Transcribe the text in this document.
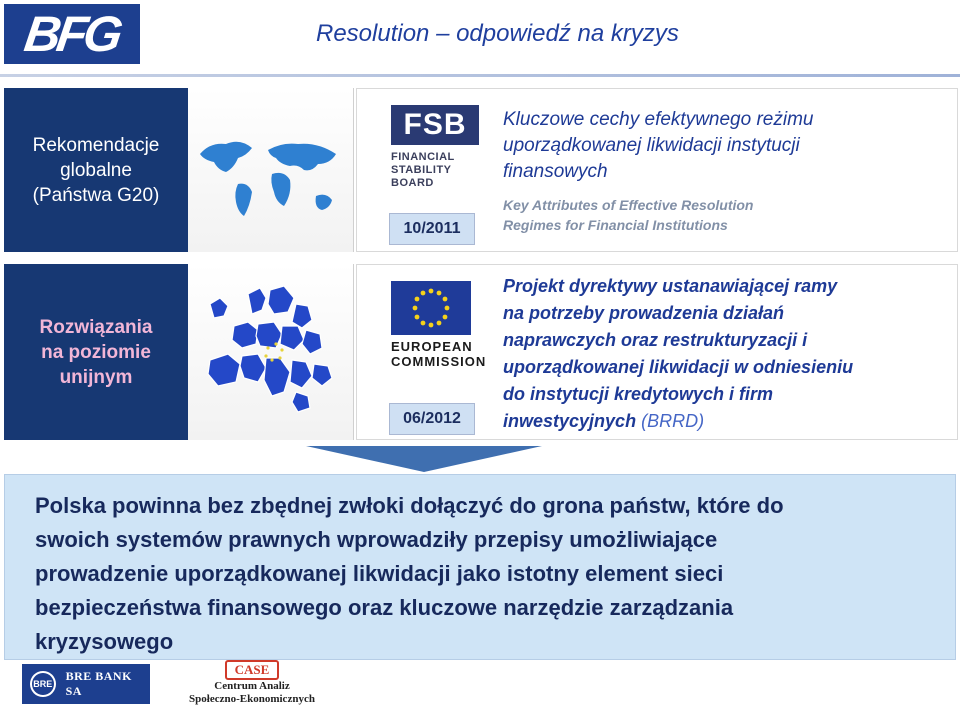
BFG	Resolution – odpowiedź na kryzys
Rekomendacje
globalne
(Państwa G20)
FSB
FINANCIAL
STABILITY
BOARD
10/2011
Kluczowe cechy efektywnego reżimu
uporządkowanej likwidacji instytucji
finansowych
Key Attributes of Effective Resolution
Regimes for Financial Institutions
Rozwiązania
na poziomie
unijnym
EUROPEAN
COMMISSION
06/2012
Projekt dyrektywy ustanawiającej ramy
na potrzeby prowadzenia działań
naprawczych oraz restrukturyzacji i
uporządkowanej likwidacji w odniesieniu
do instytucji kredytowych i firm
inwestycyjnych (BRRD)

Polska powinna bez zbędnej zwłoki dołączyć do grona państw, które do

swoich systemów prawnych wprowadziły przepisy umożliwiające

prowadzenie uporządkowanej likwidacji jako istotny element sieci

bezpieczeństwa finansowego oraz kluczowe narzędzie zarządzania

kryzysowego

BRE
BRE BANK SA
CASE
Centrum Analiz
Społeczno-Ekonomicznych
